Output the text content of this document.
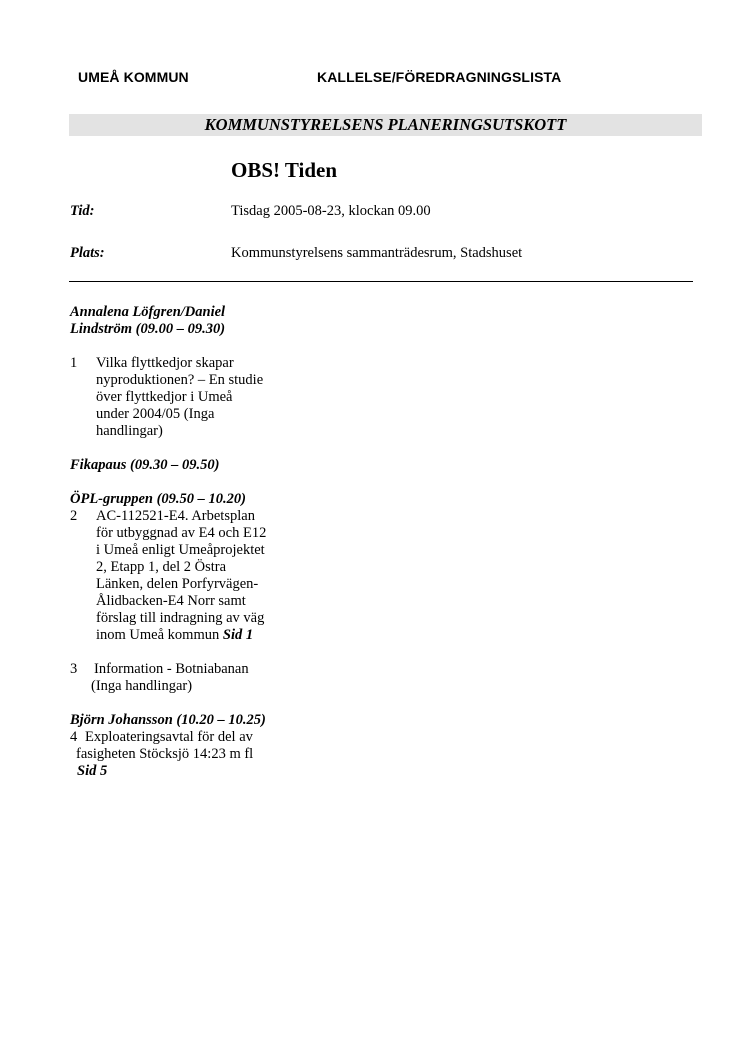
UMEÅ KOMMUN	KALLELSE/FÖREDRAGNINGSLISTA
KOMMUNSTYRELSENS PLANERINGSUTSKOTT
OBS! Tiden
Tid:	Tisdag 2005-08-23, klockan 09.00
Plats:	Kommunstyrelsens sammanträdesrum, Stadshuset
Annalena Löfgren/Daniel
Lindström (09.00 – 09.30)
1	Vilka flyttkedjor skapar
nyproduktionen? – En studie
över flyttkedjor i Umeå
under 2004/05 (Inga
handlingar)
Fikapaus (09.30 – 09.50)
ÖPL-gruppen (09.50 – 10.20)
2	AC-112521-E4. Arbetsplan
för utbyggnad av E4 och E12
i Umeå enligt Umeåprojektet
2, Etapp 1, del 2 Östra
Länken, delen Porfyrvägen-
Ålidbacken-E4 Norr samt
förslag till indragning av väg
inom Umeå kommun Sid 1
3	Information - Botniabanan
(Inga handlingar)
Björn Johansson (10.20 – 10.25)
4 Exploateringsavtal för del av
fasigheten Stöcksjö 14:23 m fl
Sid 5
